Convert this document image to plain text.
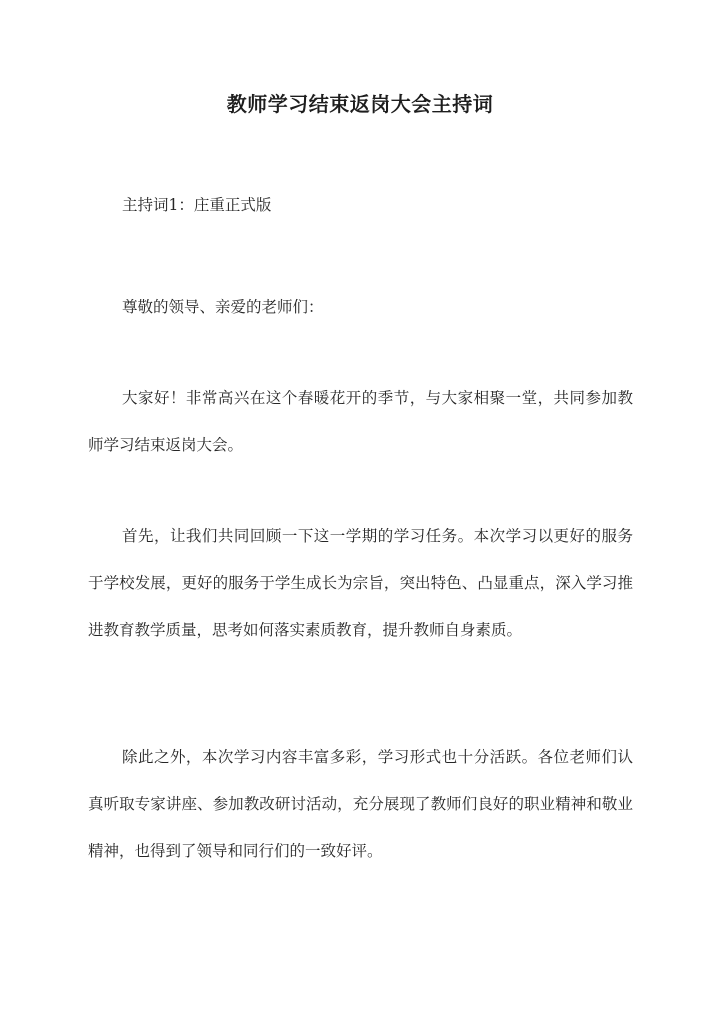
教师学习结束返岗大会主持词

主持词1：庄重正式版

尊敬的领导、亲爱的老师们：

大家好！非常高兴在这个春暖花开的季节，与大家相聚一堂，共同参加教师学习结束返岗大会。

首先，让我们共同回顾一下这一学期的学习任务。本次学习以更好的服务于学校发展，更好的服务于学生成长为宗旨，突出特色、凸显重点，深入学习推进教育教学质量，思考如何落实素质教育，提升教师自身素质。

除此之外，本次学习内容丰富多彩，学习形式也十分活跃。各位老师们认真听取专家讲座、参加教改研讨活动，充分展现了教师们良好的职业精神和敬业精神，也得到了领导和同行们的一致好评。
